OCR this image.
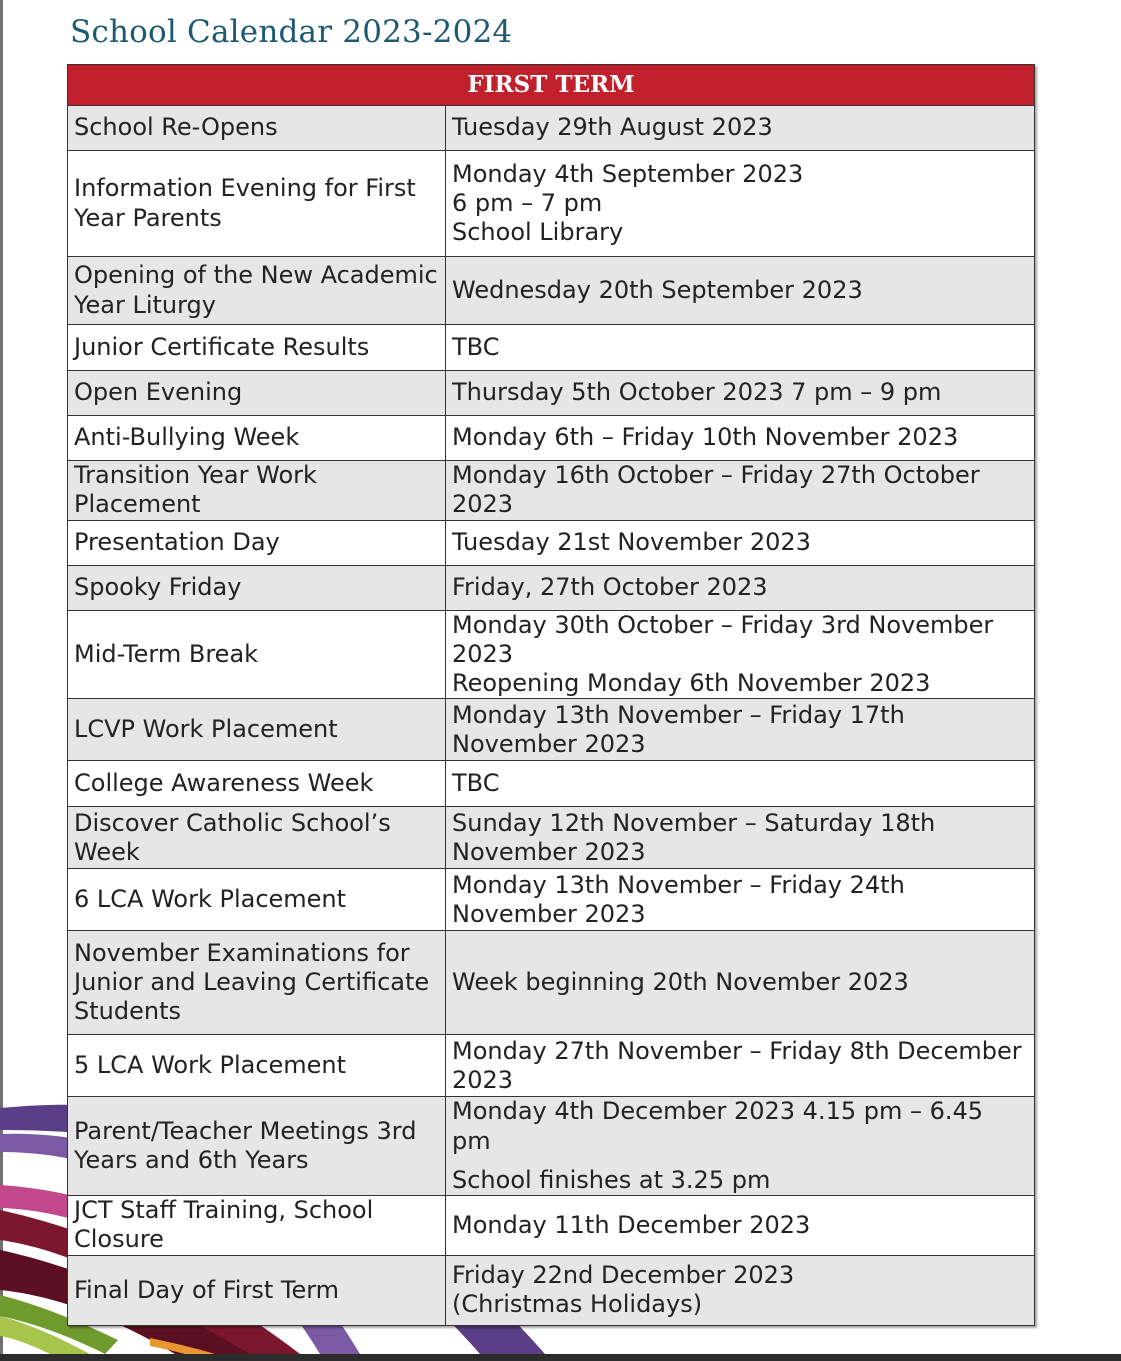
School Calendar 2023-2024
FIRST TERM	
School Re-Opens	Tuesday 29th August 2023

Information Evening for First Year Parents	Monday 4th September 2023
6 pm – 7 pm
School Library

Opening of the New Academic Year Liturgy	Wednesday 20th September 2023

Junior Certificate Results	TBC

Open Evening	Thursday 5th October 2023 7 pm – 9 pm

Anti-Bullying Week	Monday 6th – Friday 10th November 2023

Transition Year Work Placement	Monday 16th October – Friday 27th October 2023

Presentation Day	Tuesday 21st November 2023

Spooky Friday	Friday, 27th October 2023

Mid-Term Break	Monday 30th October – Friday 3rd November 2023
Reopening Monday 6th November 2023

LCVP Work Placement	Monday 13th November – Friday 17th November 2023

College Awareness Week	TBC

Discover Catholic School’s Week	Sunday 12th November – Saturday 18th November 2023

6 LCA Work Placement	Monday 13th November – Friday 24th November 2023

November Examinations for Junior and Leaving Certificate Students	Week beginning 20th November 2023

5 LCA Work Placement	Monday 27th November – Friday 8th December 2023

Parent/Teacher Meetings 3rd Years and 6th Years	Monday 4th December 2023 4.15 pm – 6.45 pm
School finishes at 3.25 pm

JCT Staff Training, School Closure	Monday 11th December 2023

Final Day of First Term	Friday 22nd December 2023
(Christmas Holidays)
